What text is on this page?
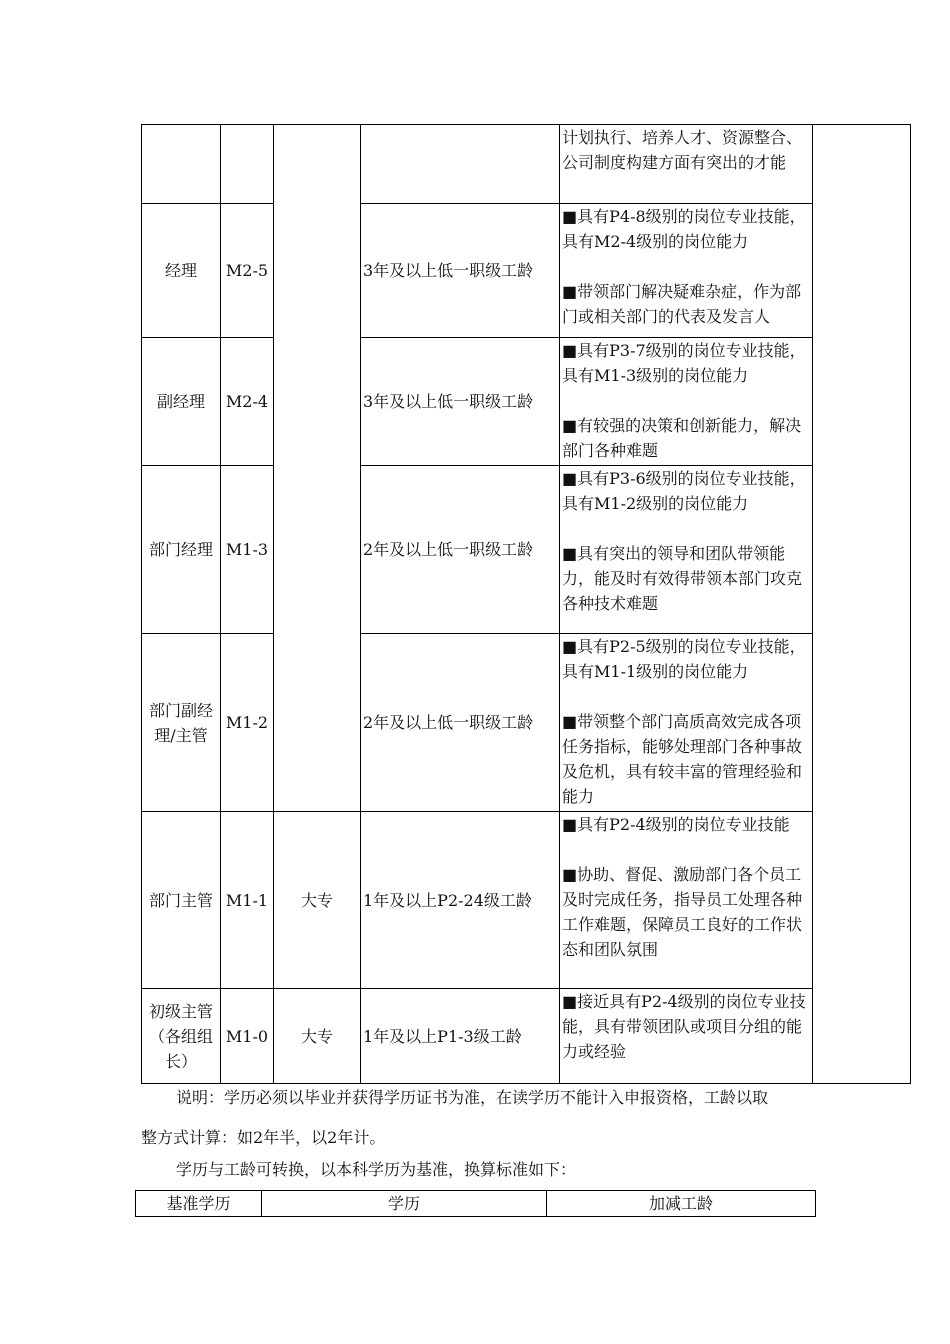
				计划执行、培养人才、资源整合、公司制度构建方面有突出的才能	

经理	M2-5		3年及以上低一职级工龄	■具有P4-8级别的岗位专业技能，具有M2-4级别的岗位能力

■带领部门解决疑难杂症，作为部门或相关部门的代表及发言人	

副经理	M2-4		3年及以上低一职级工龄	■具有P3-7级别的岗位专业技能，具有M1-3级别的岗位能力

■有较强的决策和创新能力，解决部门各种难题	

部门经理	M1-3		2年及以上低一职级工龄	■具有P3-6级别的岗位专业技能，具有M1-2级别的岗位能力

■具有突出的领导和团队带领能力，能及时有效得带领本部门攻克各种技术难题	

部门副经理/主管	M1-2		2年及以上低一职级工龄	■具有P2-5级别的岗位专业技能，具有M1-1级别的岗位能力

■带领整个部门高质高效完成各项任务指标，能够处理部门各种事故及危机，具有较丰富的管理经验和能力	

部门主管	M1-1	大专	1年及以上P2-24级工龄	■具有P2-4级别的岗位专业技能

■协助、督促、激励部门各个员工及时完成任务，指导员工处理各种工作难题，保障员工良好的工作状态和团队氛围	

初级主管（各组组长）	M1-0	大专	1年及以上P1-3级工龄	■接近具有P2-4级别的岗位专业技能，具有带领团队或项目分组的能力或经验	

说明：学历必须以毕业并获得学历证书为准，在读学历不能计入申报资格，工龄以取

整方式计算：如2年半，以2年计。

学历与工龄可转换，以本科学历为基准，换算标准如下：

基准学历	学历	加减工龄
